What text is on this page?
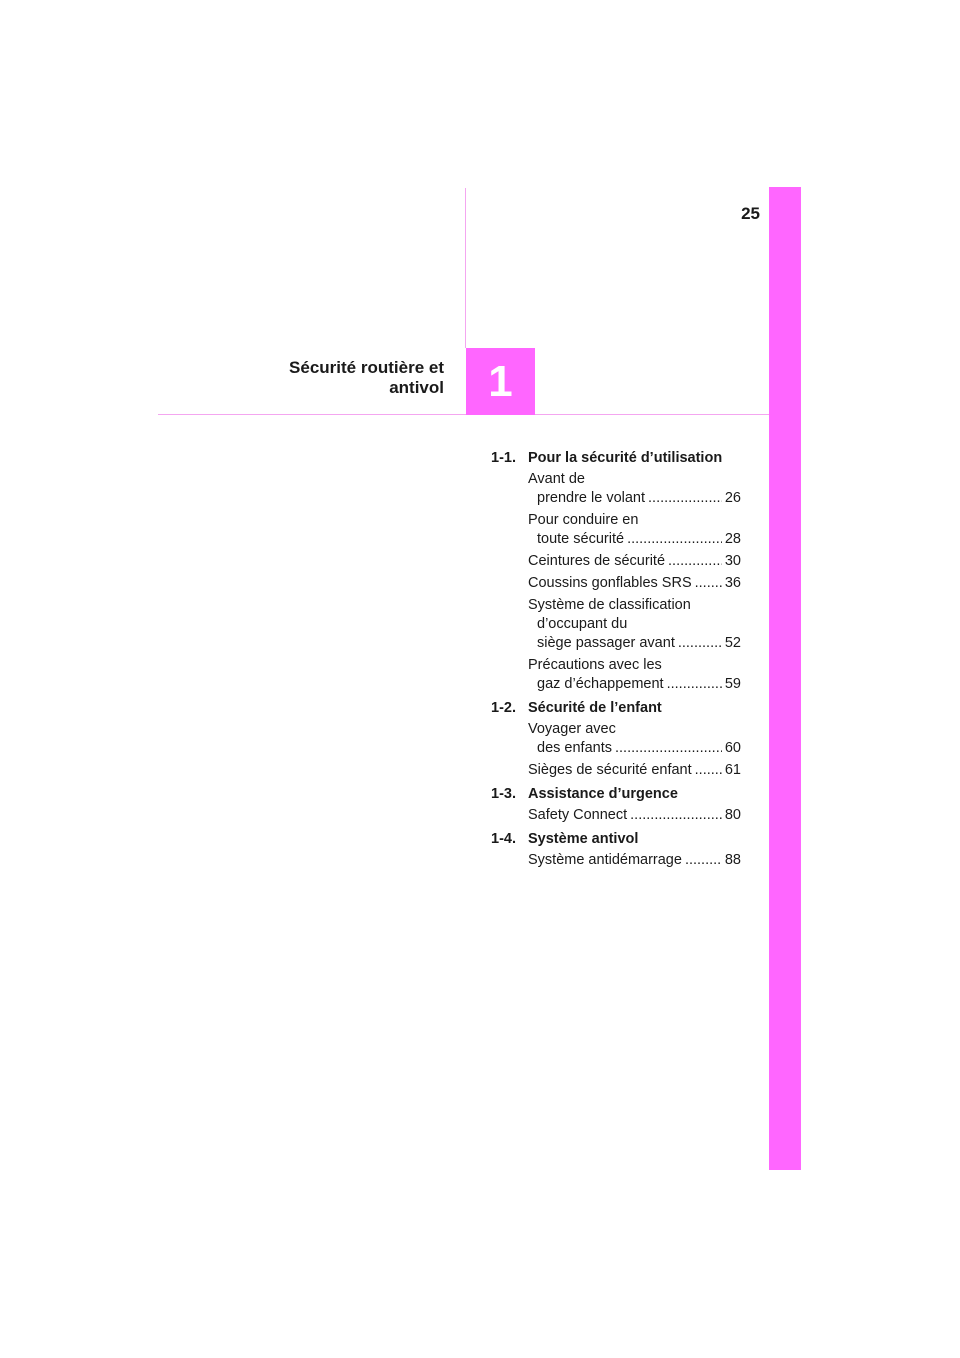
25
Sécurité routière et
antivol	1
1-1. Pour la sécurité d’utilisation
Avant de
prendre le volant .....	26
Pour conduire en
toute sécurité .....	28
Ceintures de sécurité .....	30
Coussins gonflables SRS ..... 36
Système de classification
d’occupant du
siège passager avant .....	52
Précautions avec les
gaz d’échappement .....	59
1-2. Sécurité de l’enfant
Voyager avec
des enfants .....	60
Sièges de sécurité enfant ..... 61
1-3. Assistance d’urgence
Safety Connect .....	80
1-4. Système antivol
Système antidémarrage .....	88
